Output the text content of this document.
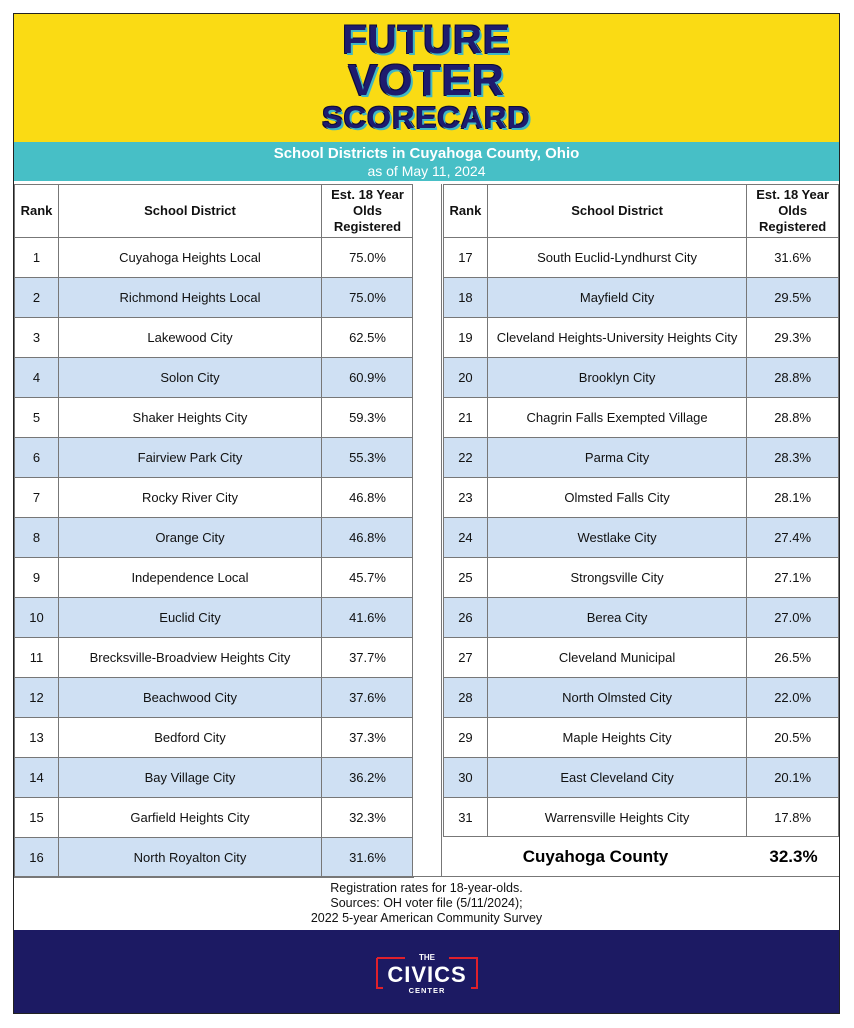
FUTURE
VOTER
SCORECARD
School Districts in Cuyahoga County, Ohio
as of May 11, 2024
Rank	School District	Est. 18 Year
Olds
Registered
1	Cuyahoga Heights Local	75.0%
2	Richmond Heights Local	75.0%
3	Lakewood City	62.5%
4	Solon City	60.9%
5	Shaker Heights City	59.3%
6	Fairview Park City	55.3%
7	Rocky River City	46.8%
8	Orange City	46.8%
9	Independence Local	45.7%
10	Euclid City	41.6%
11	Brecksville-Broadview Heights City	37.7%
12	Beachwood City	37.6%
13	Bedford City	37.3%
14	Bay Village City	36.2%
15	Garfield Heights City	32.3%
16	North Royalton City	31.6%
Rank	School District	Est. 18 Year
Olds
Registered
17	South Euclid-Lyndhurst City	31.6%
18	Mayfield City	29.5%
19	Cleveland Heights-University Heights City	29.3%
20	Brooklyn City	28.8%
21	Chagrin Falls Exempted Village	28.8%
22	Parma City	28.3%
23	Olmsted Falls City	28.1%
24	Westlake City	27.4%
25	Strongsville City	27.1%
26	Berea City	27.0%
27	Cleveland Municipal	26.5%
28	North Olmsted City	22.0%
29	Maple Heights City	20.5%
30	East Cleveland City	20.1%
31	Warrensville Heights City	17.8%
Cuyahoga County	32.3%
Registration rates for 18-year-olds.
Sources: OH voter file (5/11/2024);
2022 5-year American Community Survey
THE
CIVICS
CENTER
